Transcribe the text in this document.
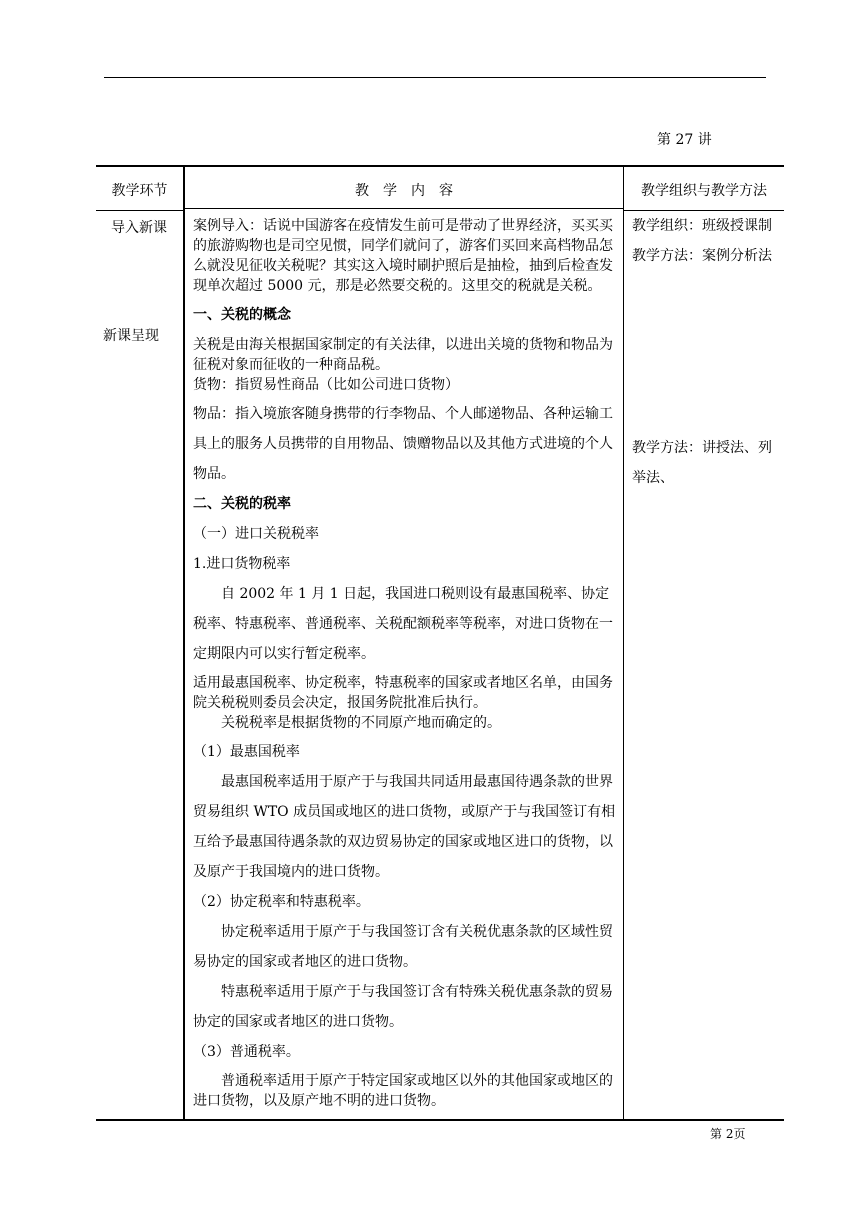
第 27 讲
教学环节	教　学　内　容	教学组织与教学方法
导入新课
新课呈现

案例导入：话说中国游客在疫情发生前可是带动了世界经济，买买买的旅游购物也是司空见惯，同学们就问了，游客们买回来高档物品怎么就没见征收关税呢？其实这入境时刷护照后是抽检，抽到后检查发现单次超过 5000 元，那是必然要交税的。这里交的税就是关税。

一、关税的概念

关税是由海关根据国家制定的有关法律，以进出关境的货物和物品为征税对象而征收的一种商品税。

货物：指贸易性商品（比如公司进口货物）

物品：指入境旅客随身携带的行李物品、个人邮递物品、各种运输工具上的服务人员携带的自用物品、馈赠物品以及其他方式进境的个人物品。

二、关税的税率

（一）进口关税税率

1.进口货物税率

自 2002 年 1 月 1 日起，我国进口税则设有最惠国税率、协定税率、特惠税率、普通税率、关税配额税率等税率，对进口货物在一定期限内可以实行暂定税率。

适用最惠国税率、协定税率，特惠税率的国家或者地区名单，由国务院关税税则委员会决定，报国务院批准后执行。

关税税率是根据货物的不同原产地而确定的。

（1）最惠国税率

最惠国税率适用于原产于与我国共同适用最惠国待遇条款的世界贸易组织 WTO 成员国或地区的进口货物，或原产于与我国签订有相互给予最惠国待遇条款的双边贸易协定的国家或地区进口的货物，以及原产于我国境内的进口货物。

（2）协定税率和特惠税率。

协定税率适用于原产于与我国签订含有关税优惠条款的区域性贸易协定的国家或者地区的进口货物。

特惠税率适用于原产于与我国签订含有特殊关税优惠条款的贸易协定的国家或者地区的进口货物。

（3）普通税率。

普通税率适用于原产于特定国家或地区以外的其他国家或地区的进口货物，以及原产地不明的进口货物。

教学组织：班级授课制

教学方法：案例分析法

教学方法：讲授法、列举法、

第 2页
